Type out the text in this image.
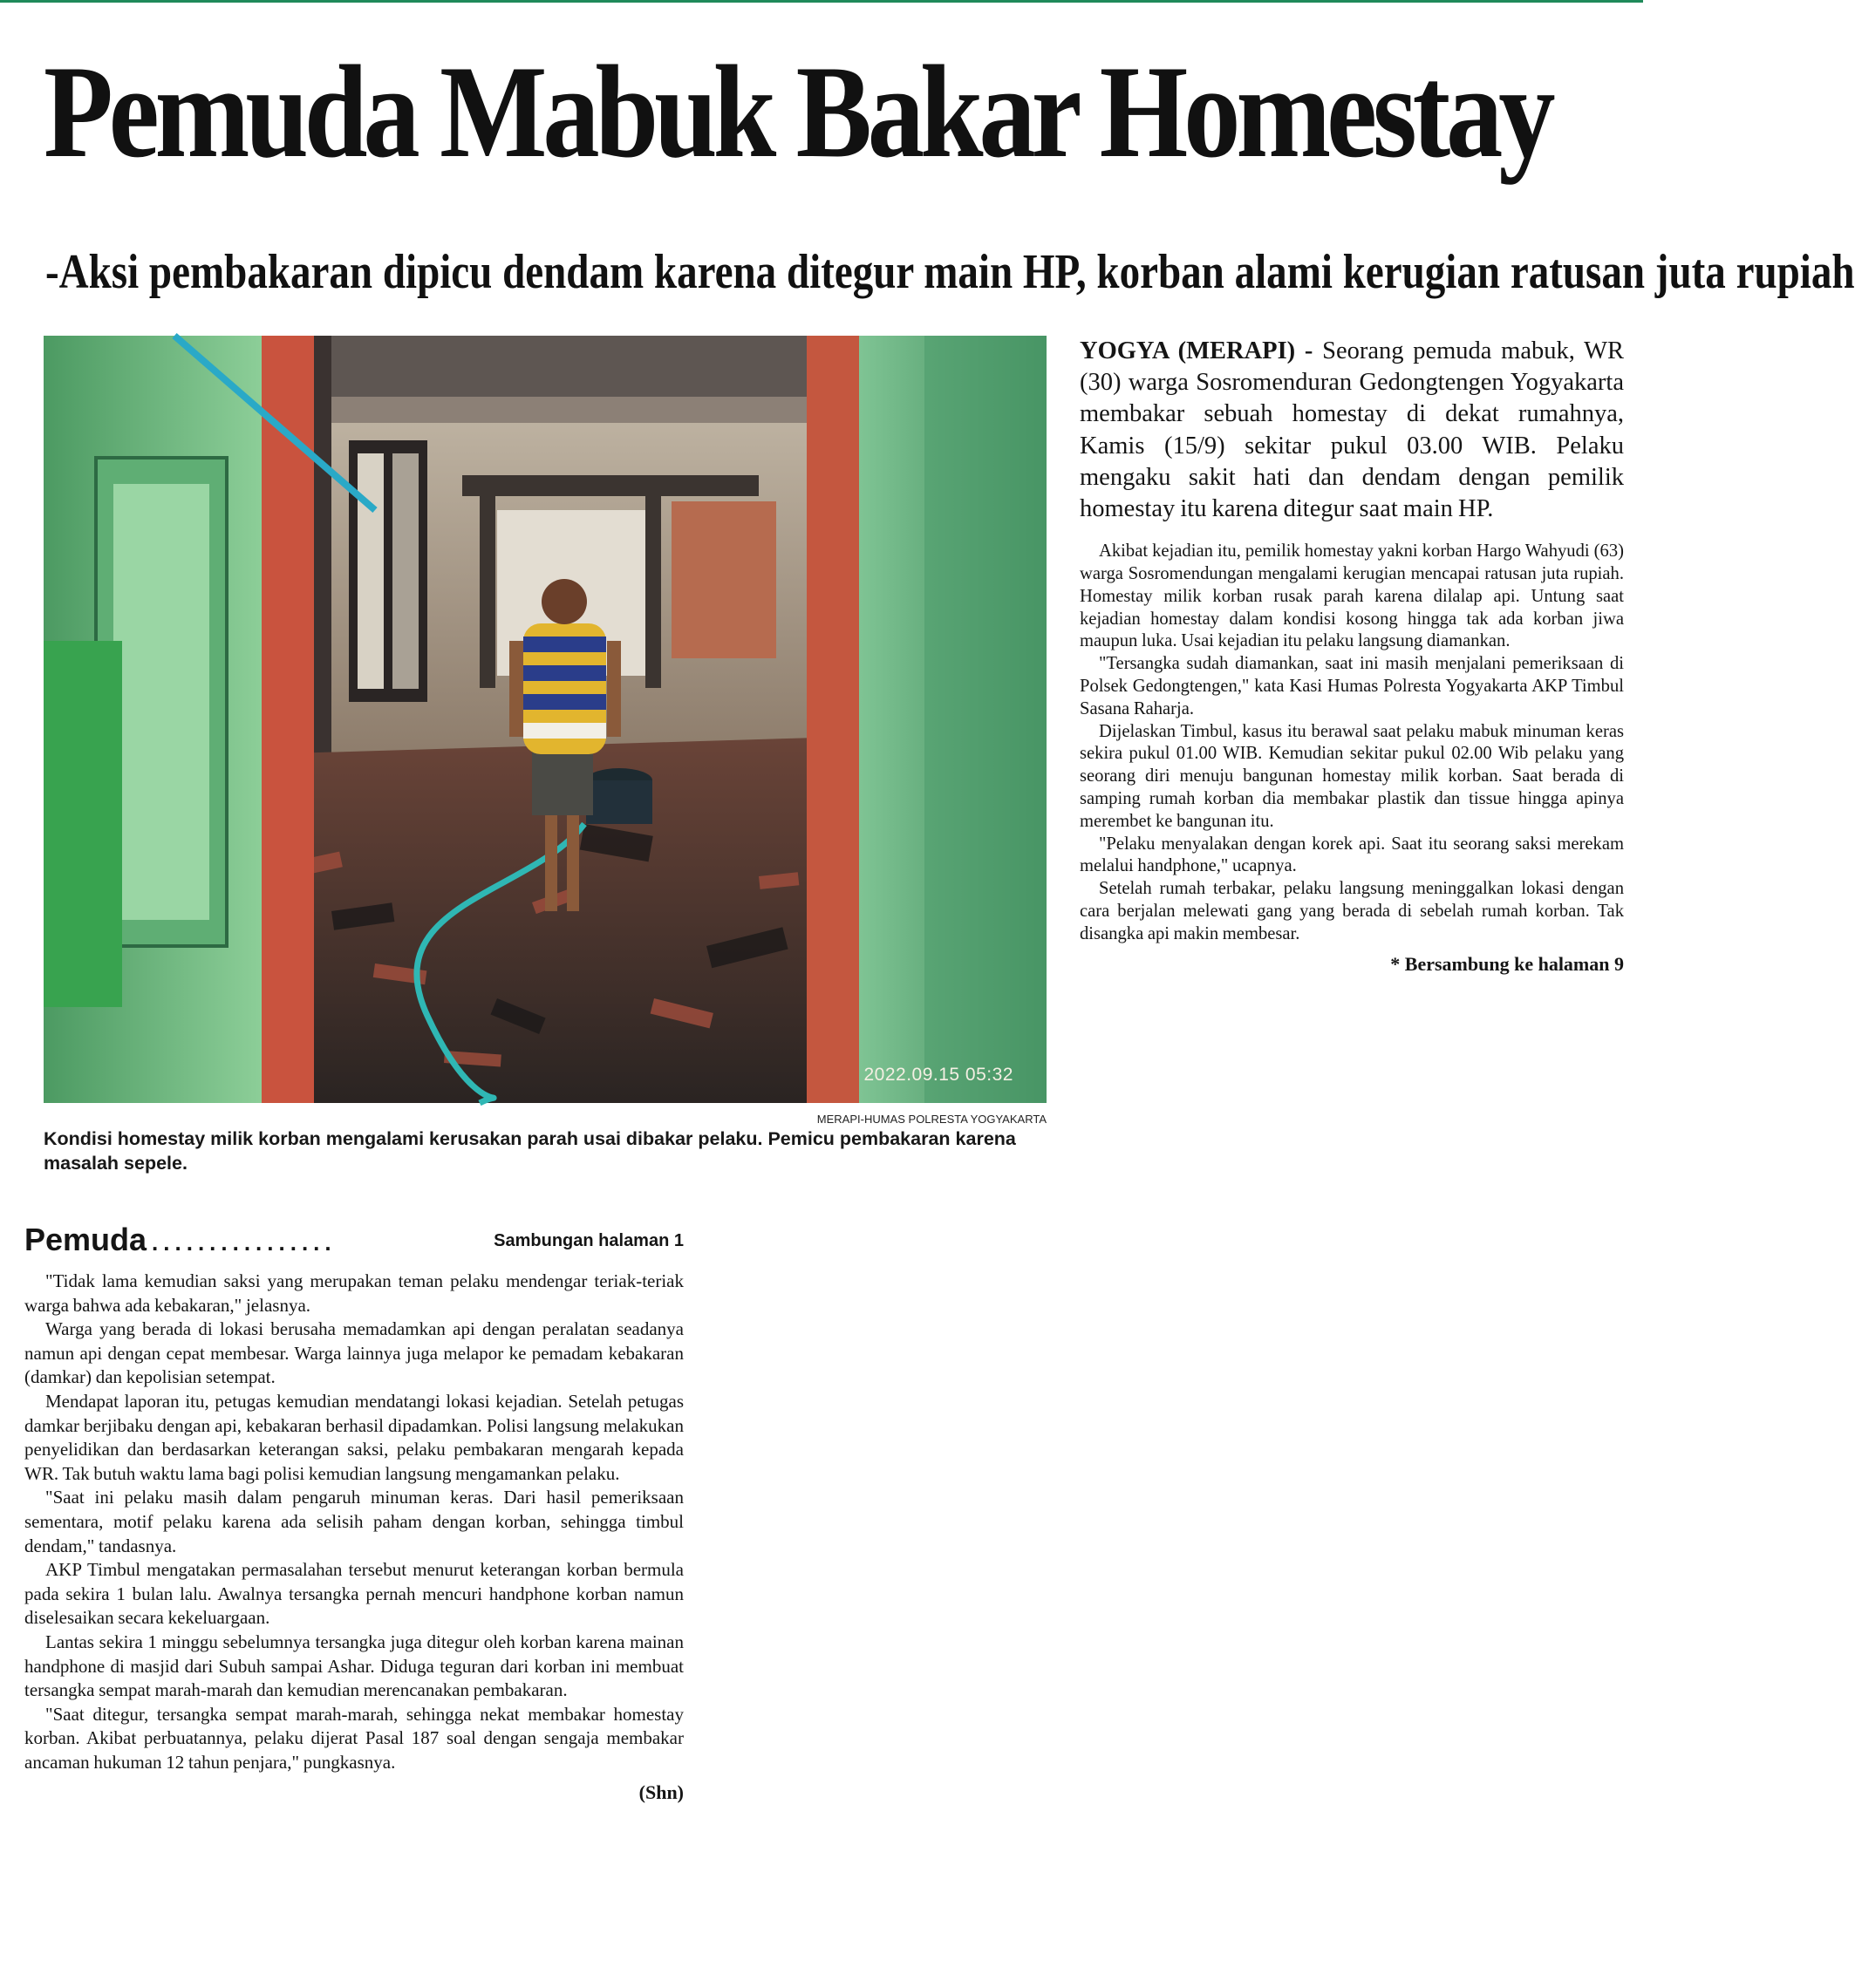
Pemuda Mabuk Bakar Homestay
-Aksi pembakaran dipicu dendam karena ditegur main HP, korban alami kerugian ratusan juta rupiah
2022.09.15 05:32
MERAPI-HUMAS POLRESTA YOGYAKARTA
Kondisi homestay milik korban mengalami kerusakan parah usai dibakar pelaku. Pemicu pembakaran karena masalah sepele.

YOGYA (MERAPI) - Seorang pemuda mabuk, WR (30) warga Sosromenduran Gedongtengen Yogyakarta membakar sebuah homestay di dekat rumahnya, Kamis (15/9) sekitar pukul 03.00 WIB. Pelaku mengaku sakit hati dan dendam dengan pemilik homestay itu karena ditegur saat main HP.

Akibat kejadian itu, pemilik homestay yakni korban Hargo Wahyudi (63) warga Sosromendungan mengalami kerugian mencapai ratusan juta rupiah. Homestay milik korban rusak parah karena dilalap api. Untung saat kejadian homestay dalam kondisi kosong hingga tak ada korban jiwa maupun luka. Usai kejadian itu pelaku langsung diamankan.

"Tersangka sudah diamankan, saat ini masih menjalani pemeriksaan di Polsek Gedongtengen," kata Kasi Humas Polresta Yogyakarta AKP Timbul Sasana Raharja.

Dijelaskan Timbul, kasus itu berawal saat pelaku mabuk minuman keras sekira pukul 01.00 WIB. Kemudian sekitar pukul 02.00 Wib pelaku yang seorang diri menuju bangunan homestay milik korban. Saat berada di samping rumah korban dia membakar plastik dan tissue hingga apinya merembet ke bangunan itu.

"Pelaku menyalakan dengan korek api. Saat itu seorang saksi merekam melalui handphone," ucapnya.

Setelah rumah terbakar, pelaku langsung meninggalkan lokasi dengan cara berjalan melewati gang yang berada di sebelah rumah korban. Tak disangka api makin membesar.

* Bersambung ke halaman 9

Pemuda ................	Sambungan halaman 1

"Tidak lama kemudian saksi yang merupakan teman pelaku mendengar teriak-teriak warga bahwa ada kebakaran," jelasnya.

Warga yang berada di lokasi berusaha memadamkan api dengan peralatan seadanya namun api dengan cepat membesar. Warga lainnya juga melapor ke pemadam kebakaran (damkar) dan kepolisian setempat.

Mendapat laporan itu, petugas kemudian mendatangi lokasi kejadian. Setelah petugas damkar berjibaku dengan api, kebakaran berhasil dipadamkan. Polisi langsung melakukan penyelidikan dan berdasarkan keterangan saksi, pelaku pembakaran mengarah kepada WR. Tak butuh waktu lama bagi polisi kemudian langsung mengamankan pelaku.

"Saat ini pelaku masih dalam pengaruh minuman keras. Dari hasil pemeriksaan sementara, motif pelaku karena ada selisih paham dengan korban, sehingga timbul dendam," tandasnya.

AKP Timbul mengatakan permasalahan tersebut menurut keterangan korban bermula pada sekira 1 bulan lalu. Awalnya tersangka pernah mencuri handphone korban namun diselesaikan secara kekeluargaan.

Lantas sekira 1 minggu sebelumnya tersangka juga ditegur oleh korban karena mainan handphone di masjid dari Subuh sampai Ashar. Diduga teguran dari korban ini membuat tersangka sempat marah-marah dan kemudian merencanakan pembakaran.

"Saat ditegur, tersangka sempat marah-marah, sehingga nekat membakar homestay korban. Akibat perbuatannya, pelaku dijerat Pasal 187 soal dengan sengaja membakar ancaman hukuman 12 tahun penjara," pungkasnya.

(Shn)
